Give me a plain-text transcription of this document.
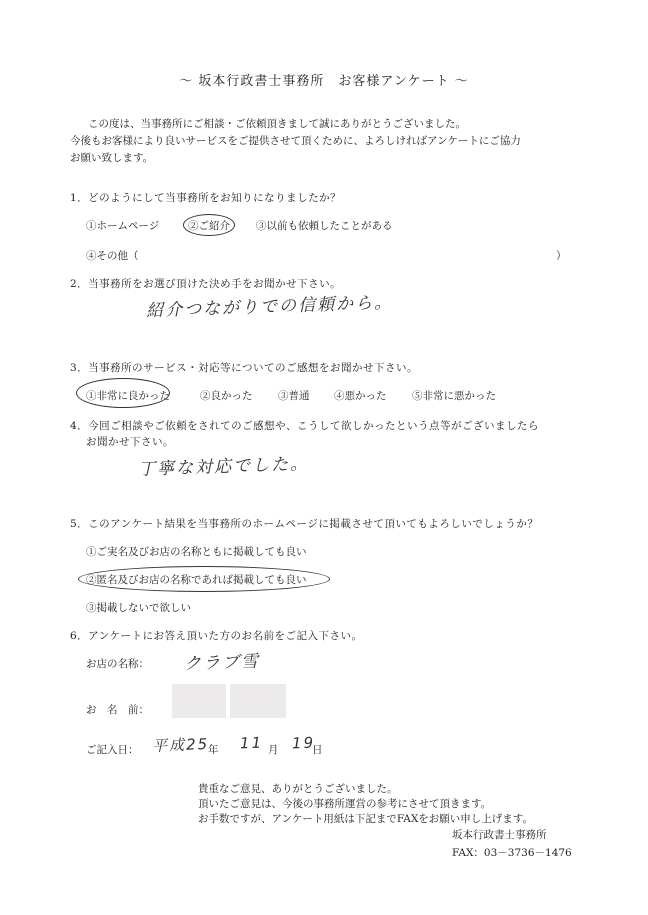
～ 坂本行政書士事務所　お客様アンケート ～
この度は、当事務所にご相談・ご依頼頂きまして誠にありがとうございました。
今後もお客様により良いサービスをご提供させて頂くために、よろしければアンケートにご協力
お願い致します。
1．どのようにして当事務所をお知りになりましたか？
①ホームページ	②ご紹介 ③以前も依頼したことがある
④その他（	）
2．当事務所をお選び頂けた決め手をお聞かせ下さい。
紹介つながりでの信頼から。
3．当事務所のサービス・対応等についてのご感想をお聞かせ下さい。
①非常に良かった	②良かった ③普通 ④悪かった ⑤非常に悪かった
4．今回ご相談やご依頼をされてのご感想や、こうして欲しかったという点等がございましたら
お聞かせ下さい。
丁寧な対応でした。
5．このアンケート結果を当事務所のホームページに掲載させて頂いてもよろしいでしょうか？
①ご実名及びお店の名称ともに掲載しても良い
②匿名及びお店の名称であれば掲載しても良い
③掲載しないで欲しい
6．アンケートにお答え頂いた方のお名前をご記入下さい。
お店の名称： クラブ雪
お　名　前：
ご記入日： 平成25
年 11 月 19
日
貴重なご意見、ありがとうございました。
頂いたご意見は、今後の事務所運営の参考にさせて頂きます。
お手数ですが、アンケート用紙は下記までFAXをお願い申し上げます。
坂本行政書士事務所
FAX：03－3736－1476
